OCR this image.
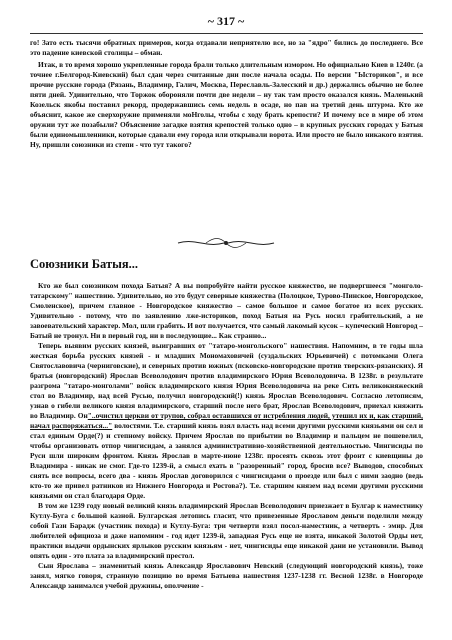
~ 317 ~

го! Зато есть тысячи обратных примеров, когда отдавали неприятелю все, но за "ядро" бились до последнего. Все это падение киевской столицы – обман.

Итак, в то время хорошо укрепленные города брали только длительным измором. Но официально Киев в 1240г. (а точнее г.Белгород-Киевский) был сдан через считанные дни после начала осады. По версии "Ысториков", и все прочие русские города (Рязань, Владимир, Галич, Москва, Переславль-Залесский и др.) держались обычно не более пяти дней. Удивительно, что Торжок обороняли почти две недели – ну так там просто оказался князь. Маленький Козельск якобы поставил рекорд, продержавшись семь недель в осаде, но пав на третий день штурма. Кто же объяснит, какое же сверхоружие применяли моНголы, чтобы с ходу брать крепости? И почему все в мире об этом оружии тут же позабыли? Объяснение загадке взятия крепостей только одно – в крупных русских городах у Батыя были единомышленники, которые сдавали ему города или открывали ворота. Или просто не было никакого взятия. Ну, пришли союзники из степи - что тут такого?

Союзники Батыя...

Кто же был союзником похода Батыя? А вы попробуйте найти русское княжество, не подвергшееся "монголо-татарскому" нашествию. Удивительно, но это будут северные княжества (Полоцкое, Турово-Пинское, Новгородское, Смоленское), причем главное - Новгородское княжество – самое большое и самое богатое из всех русских. Удивительно - потому, что по заявлению лже-историков, поход Батыя на Русь носил грабительский, а не завоевательский характер. Мол, шли грабить. И вот получается, что самый лакомый кусок – купеческий Новгород – Батый не тронул. Ни в первый год, ни в последующие... Как странно...

Теперь выявим русских князей, выигравших от "татаро-монгольского" нашествия. Напомним, в те годы шла жесткая борьба русских князей - и младших Мономаховичей (суздальских Юрьевичей) с потомками Олега Святославовича (черниговские), и северных против южных (псковско-новгородские против тверских-рязанских). Я братья (новгородский) Ярослав Всеволодович против владимирского Юрия Всеволодовича. В 1238г. в результате разгрома "татаро-монголами" войск владимирского князя Юрия Всеволодовича на реке Сить великокняжеский стол во Владимир, над всей Русью, получил новгородский(!) князь Ярослав Всеволодович. Согласно летописям, узнав о гибели великого князя владимирского, старший после него брат, Ярослав Всеволодович, приехал княжить во Владимир. Он"..очистил церкви от трупов, собрал оставшихся от истребления людей, утешил их и, как старший, начал распоряжаться..." волостями. Т.е. старший князь взял власть над всеми другими русскими князьями он сел и стал единым Орде(?) и степному войску. Причем Ярослав по прибытии во Владимир и пальцем не пошевелил, чтобы организовать отпор чингисидам, а занялся административно-хозяйственной деятельностью. Чингисиды по Руси шли широким фронтом. Князь Ярослав в марте-июне 1238г. просеять сквозь этот фронт с киевщины до Владимира - никак не смог. Где-то 1239-й, а смысл ехать в "разоренный" город, бросив все? Выводов, способных снять все вопросы, всего два - князь Ярослав договорился с чингисидами о проезде или был с ними заодно (ведь кто-то же привел ратников из Нижнего Новгорода и Ростова?). Т.е. старшим князем над всеми другими русскими князьями он стал благодаря Орде.

В том же 1239 году новый великий князь владимирский Ярослав Всеволодович приезжает в Булгар к наместнику Кутлу-Буга с большой казной. Булгарская летопись гласит, что привезенные Ярославом деньги поделили между собой Гази Барадж (участник похода) и Кутлу-Буга: три четверти взял посол-наместник, а четверть - эмир. Для любителей официоза и даже напомним - год идет 1239-й, западная Русь еще не взята, никакой Золотой Орды нет, практики выдачи ордынских ярлыков русским князьям - нет, чингисиды еще никакой дани не установили. Вывод опять один - это плата за владимирский престол.

Сын Ярослава – знаменитый князь Александр Ярославович Невский (следующий новгородский князь), тоже занял, мягко говоря, странную позицию во время Батыева нашествия 1237-1238 гг. Весной 1238г. в Новгороде Александр занимался учебой дружины, ополчение -
